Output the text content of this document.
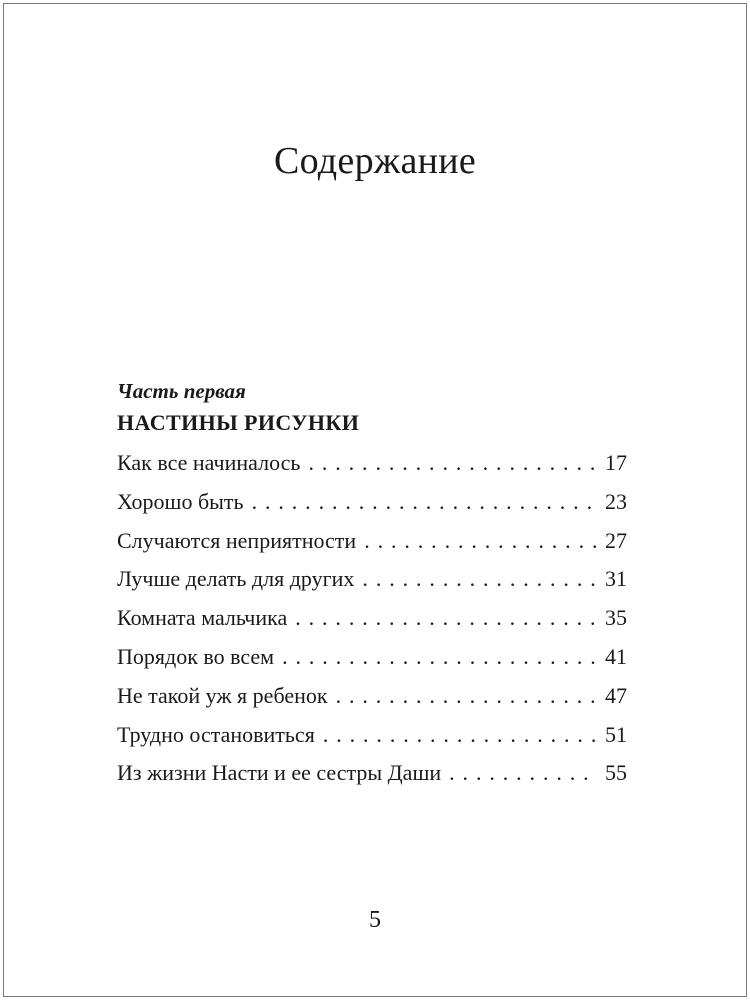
Содержание
Часть первая
НАСТИНЫ РИСУНКИ
Как все начиналось . . .	17
Хорошо быть . . .	23
Случаются неприятности . . .	27
Лучше делать для других . . .	31
Комната мальчика . . .	35
Порядок во всем . . .	41
Не такой уж я ребенок . . .	47
Трудно остановиться . . .	51
Из жизни Насти и ее сестры Даши . . .	55
5
